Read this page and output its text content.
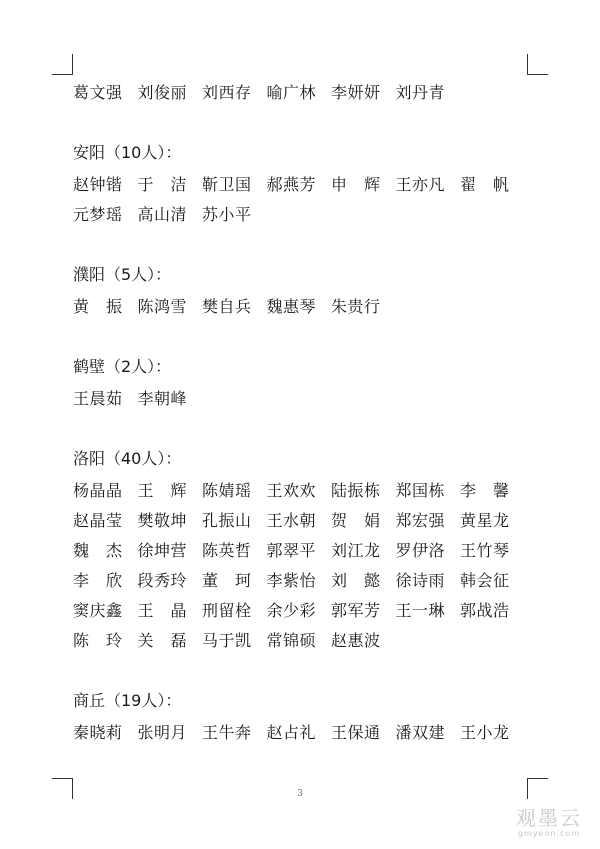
葛文强 刘俊丽 刘西存 喻广林 李妍妍 刘丹青
安阳（10人）：
赵钟锴 于　洁 靳卫国 郝燕芳 申　辉 王亦凡 翟　帆
元梦瑶 高山清 苏小平
濮阳（5人）：
黄　振 陈鸿雪 樊自兵 魏惠琴 朱贵行
鹤壁（2人）：
王晨茹 李朝峰
洛阳（40人）：
杨晶晶 王　辉 陈婧瑶 王欢欢 陆振栋 郑国栋 李　馨
赵晶莹 樊敬坤 孔振山 王水朝 贺　娟 郑宏强 黄星龙
魏　杰 徐坤营 陈英哲 郭翠平 刘江龙 罗伊洛 王竹琴
李　欣 段秀玲 董　珂 李紫怡 刘　懿 徐诗雨 韩会征
窦庆鑫 王　晶 刑留栓 余少彩 郭军芳 王一琳 郭战浩
陈　玲 关　磊 马于凯 常锦硕 赵惠波
商丘（19人）：
秦晓莉 张明月 王牛奔 赵占礼 王保通 潘双建 王小龙
3
观墨云
gmyeon.com
